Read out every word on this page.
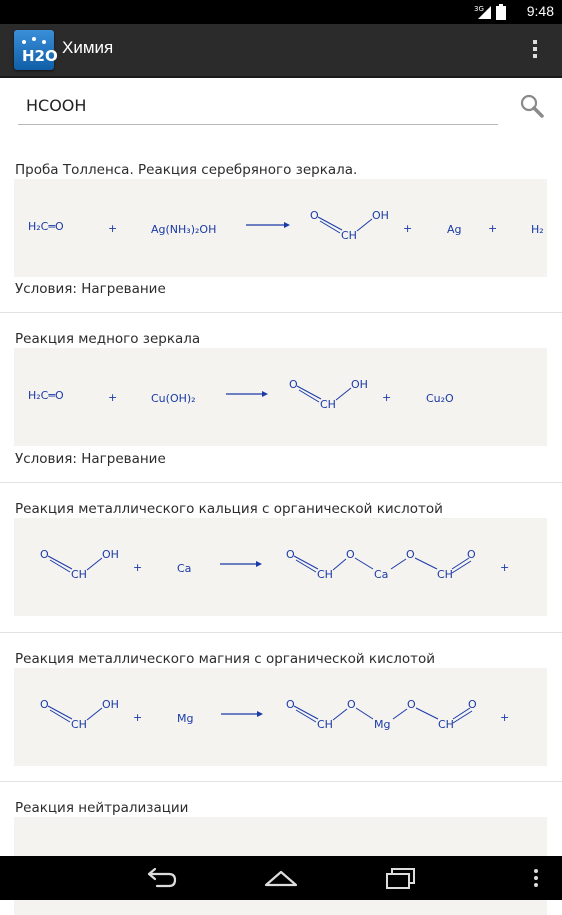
3G	9:48
H2O Химия
HCOOH
Проба Толленса. Реакция серебряного зеркала.
H₂C═O	+	Ag(NH₃)₂OH
O	OH
CH
+	Ag +	H₂
Условия: Нагревание
Реакция медного зеркала
H₂C═O	+	Cu(OH)₂
O	OH
CH
+	Cu₂O
Условия: Нагревание
Реакция металлического кальция с органической кислотой
O	OH
CH
+	Ca
O
CH
O
Ca
O
CH
O
+
Реакция металлического магния с органической кислотой
O	OH
CH
+	Mg
O
CH
O
Mg
O
CH
O
+
Реакция нейтрализации
